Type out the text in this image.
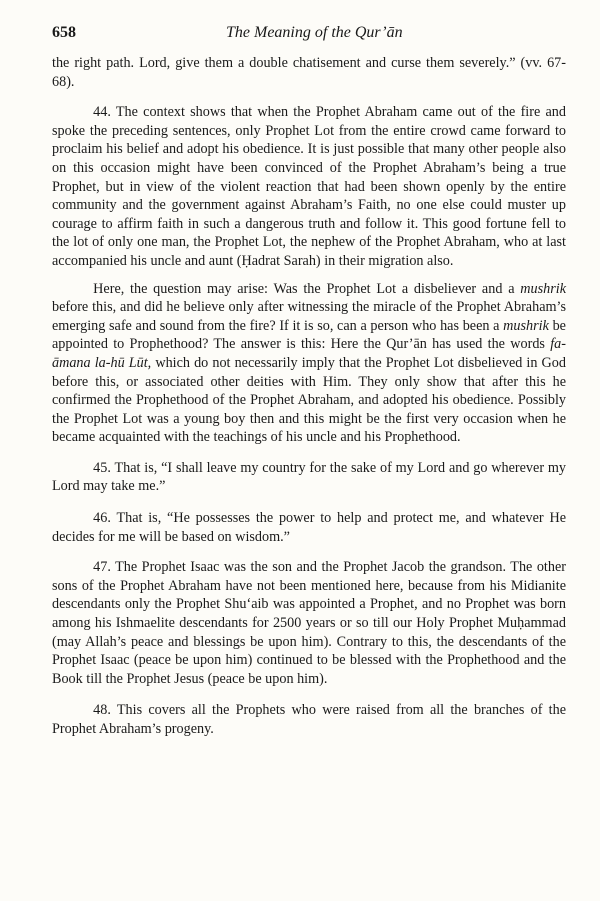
658	The Meaning of the Qur’ān

the right path. Lord, give them a double chatisement and curse them severely.” (vv. 67-68).

44. The context shows that when the Prophet Abraham came out of the fire and spoke the preceding sentences, only Prophet Lot from the entire crowd came forward to proclaim his belief and adopt his obedience. It is just possible that many other people also on this occasion might have been convinced of the Prophet Abraham’s being a true Prophet, but in view of the violent reaction that had been shown openly by the entire community and the government against Abraham’s Faith, no one else could muster up courage to affirm faith in such a dangerous truth and follow it. This good fortune fell to the lot of only one man, the Prophet Lot, the nephew of the Prophet Abraham, who at last accompanied his uncle and aunt (Ḥadrat Sarah) in their migration also.

Here, the question may arise: Was the Prophet Lot a disbeliever and a mushrik before this, and did he believe only after witnessing the miracle of the Prophet Abraham’s emerging safe and sound from the fire? If it is so, can a person who has been a mushrik be appointed to Prophethood? The answer is this: Here the Qur’ān has used the words fa-āmana la-hū Lūt, which do not necessarily imply that the Prophet Lot disbelieved in God before this, or associated other deities with Him. They only show that after this he confirmed the Prophethood of the Prophet Abraham, and adopted his obedience. Possibly the Prophet Lot was a young boy then and this might be the first very occasion when he became acquainted with the teachings of his uncle and his Prophethood.

45. That is, “I shall leave my country for the sake of my Lord and go wherever my Lord may take me.”

46. That is, “He possesses the power to help and protect me, and whatever He decides for me will be based on wisdom.”

47. The Prophet Isaac was the son and the Prophet Jacob the grandson. The other sons of the Prophet Abraham have not been mentioned here, because from his Midianite descendants only the Prophet Shu‘aib was appointed a Prophet, and no Prophet was born among his Ishmaelite descendants for 2500 years or so till our Holy Prophet Muḥammad (may Allah’s peace and blessings be upon him). Contrary to this, the descendants of the Prophet Isaac (peace be upon him) continued to be blessed with the Prophethood and the Book till the Prophet Jesus (peace be upon him).

48. This covers all the Prophets who were raised from all the branches of the Prophet Abraham’s progeny.
